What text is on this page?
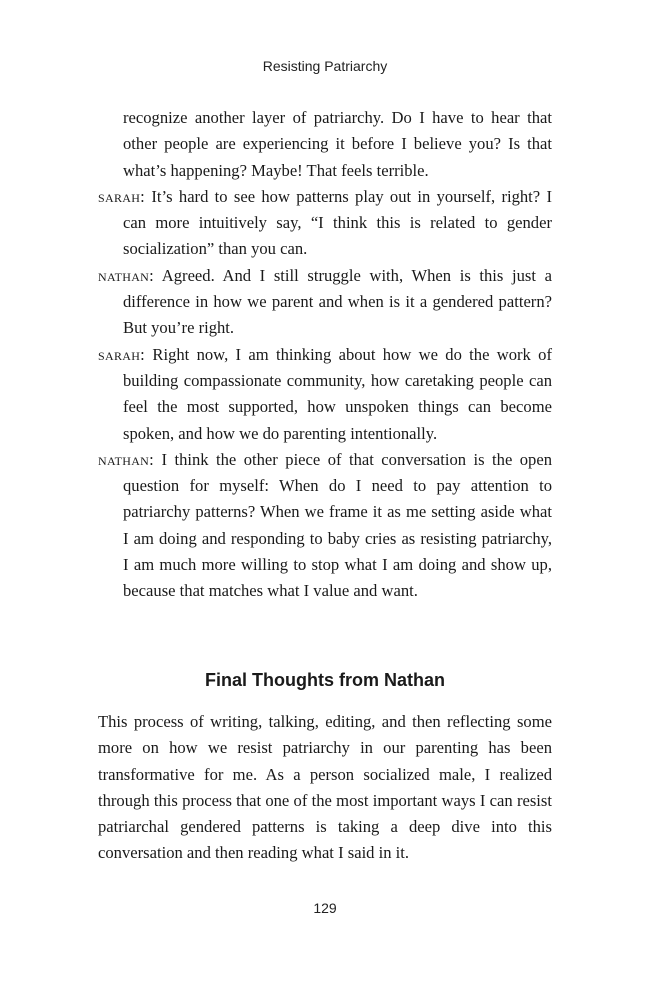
Resisting Patriarchy

recognize another layer of patriarchy. Do I have to hear that other people are experiencing it before I believe you? Is that what’s happening? Maybe! That feels terrible.

sarah: It’s hard to see how patterns play out in yourself, right? I can more intuitively say, “I think this is related to gender socialization” than you can.

nathan: Agreed. And I still struggle with, When is this just a difference in how we parent and when is it a gendered pattern? But you’re right.

sarah: Right now, I am thinking about how we do the work of building compassionate community, how caretaking people can feel the most supported, how unspoken things can become spoken, and how we do parenting intentionally.

nathan: I think the other piece of that conversation is the open question for myself: When do I need to pay attention to patriarchy patterns? When we frame it as me setting aside what I am doing and responding to baby cries as resisting patriarchy, I am much more willing to stop what I am doing and show up, because that matches what I value and want.

Final Thoughts from Nathan

This process of writing, talking, editing, and then reflecting some more on how we resist patriarchy in our parenting has been transformative for me. As a person socialized male, I realized through this process that one of the most important ways I can resist patriarchal gendered patterns is taking a deep dive into this conversation and then reading what I said in it.

129
